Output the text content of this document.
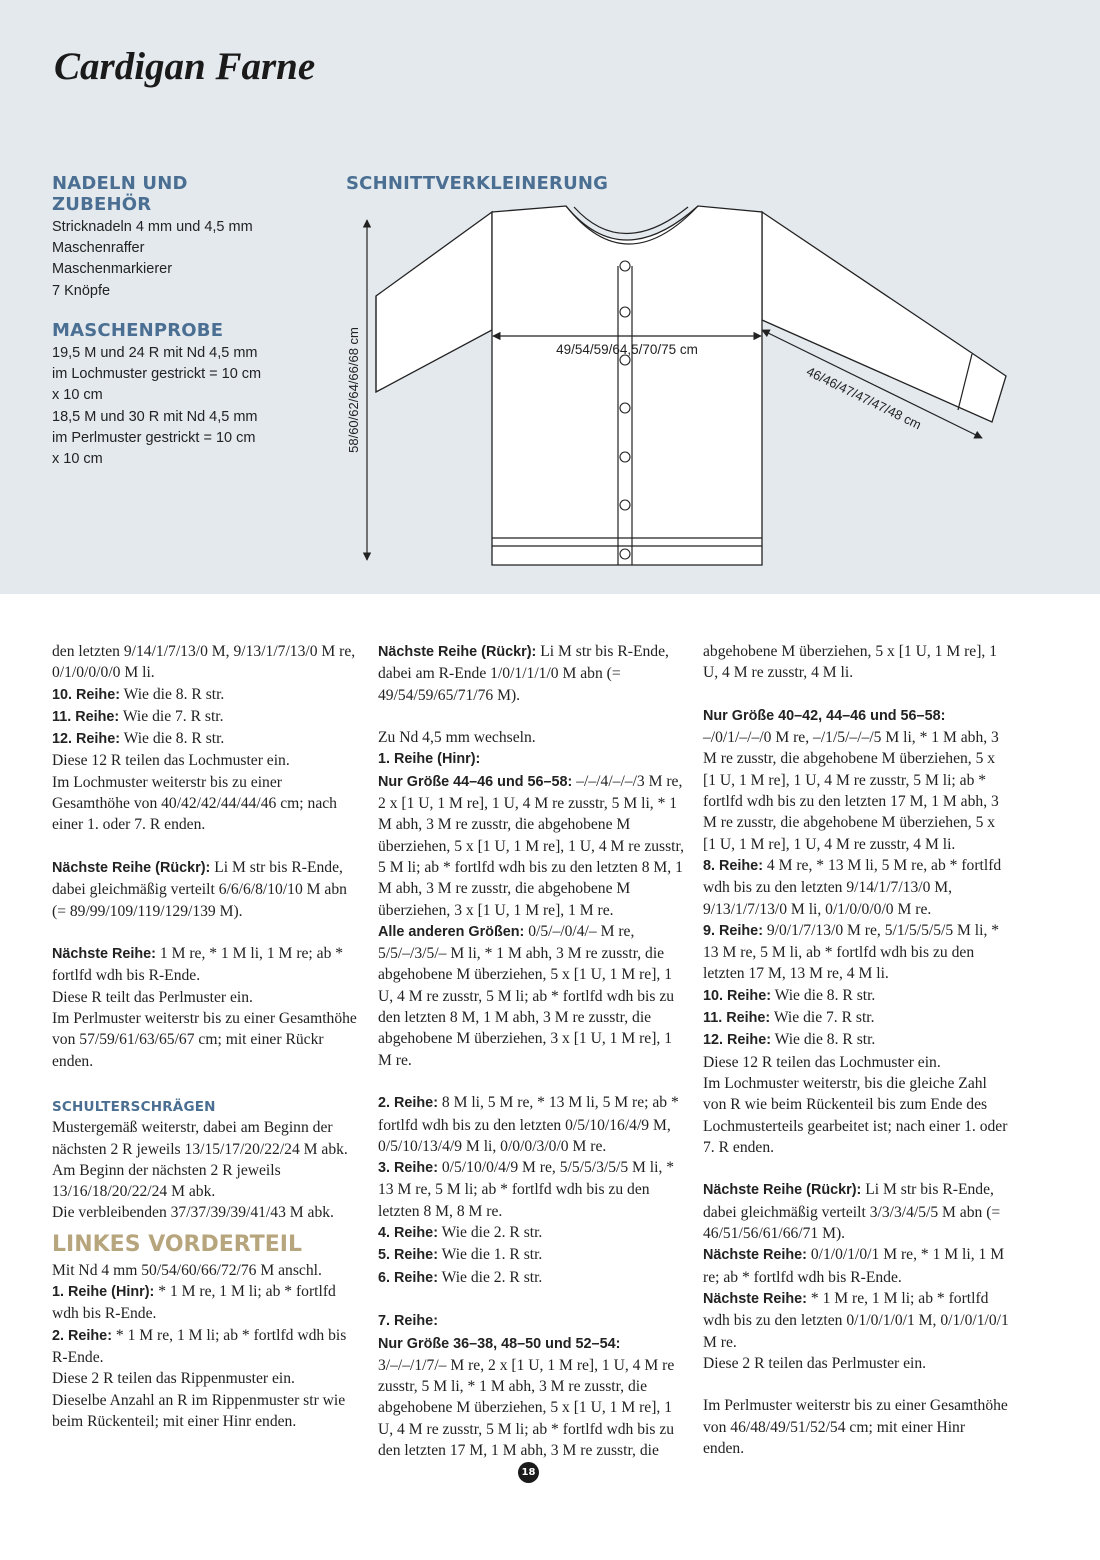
Cardigan Farne
NADELN UND ZUBEHÖR
Stricknadeln 4 mm und 4,5 mm
Maschenraffer
Maschenmarkierer
7 Knöpfe
MASCHENPROBE
19,5 M und 24 R mit Nd 4,5 mm
im Lochmuster gestrickt = 10 cm
x 10 cm
18,5 M und 30 R mit Nd 4,5 mm
im Perlmuster gestrickt = 10 cm
x 10 cm
SCHNITTVERKLEINERUNG
58/60/62/64/66/68 cm	49/54/59/64,5/70/75 cm
46/46/47/47/47/48 cm

den letzten 9/14/1/7/13/0 M, 9/13/1/7/13/0 M re, 0/1/0/0/0/0 M li.

10. Reihe: Wie die 8. R str.

11. Reihe: Wie die 7. R str.

12. Reihe: Wie die 8. R str.

Diese 12 R teilen das Lochmuster ein.

Im Lochmuster weiterstr bis zu einer Gesamthöhe von 40/42/42/44/44/46 cm; nach einer 1. oder 7. R enden.

Nächste Reihe (Rückr): Li M str bis R-Ende, dabei gleichmäßig verteilt 6/6/6/8/10/10 M abn (= 89/99/109/119/129/139 M).

Nächste Reihe: 1 M re, * 1 M li, 1 M re; ab * fortlfd wdh bis R-Ende.

Diese R teilt das Perlmuster ein.

Im Perlmuster weiterstr bis zu einer Gesamthöhe von 57/59/61/63/65/67 cm; mit einer Rückr enden.

SCHULTERSCHRÄGEN

Mustergemäß weiterstr, dabei am Beginn der nächsten 2 R jeweils 13/15/17/20/22/24 M abk.

Am Beginn der nächsten 2 R jeweils 13/16/18/20/22/24 M abk.

Die verbleibenden 37/37/39/39/41/43 M abk.

LINKES VORDERTEIL

Mit Nd 4 mm 50/54/60/66/72/76 M anschl.

1. Reihe (Hinr): * 1 M re, 1 M li; ab * fortlfd wdh bis R-Ende.

2. Reihe: * 1 M re, 1 M li; ab * fortlfd wdh bis R-Ende.

Diese 2 R teilen das Rippenmuster ein.

Dieselbe Anzahl an R im Rippenmuster str wie beim Rückenteil; mit einer Hinr enden.

Nächste Reihe (Rückr): Li M str bis R-Ende, dabei am R-Ende 1/0/1/1/1/0 M abn (= 49/54/59/65/71/76 M).

Zu Nd 4,5 mm wechseln.

1. Reihe (Hinr):

Nur Größe 44–46 und 56–58: –/–/4/–/–/3 M re, 2 x [1 U, 1 M re], 1 U, 4 M re zusstr, 5 M li, * 1 M abh, 3 M re zusstr, die abgehobene M überziehen, 5 x [1 U, 1 M re], 1 U, 4 M re zusstr, 5 M li; ab * fortlfd wdh bis zu den letzten 8 M, 1 M abh, 3 M re zusstr, die abgehobene M überziehen, 3 x [1 U, 1 M re], 1 M re.

Alle anderen Größen: 0/5/–/0/4/– M re, 5/5/–/3/5/– M li, * 1 M abh, 3 M re zusstr, die abgehobene M überziehen, 5 x [1 U, 1 M re], 1 U, 4 M re zusstr, 5 M li; ab * fortlfd wdh bis zu den letzten 8 M, 1 M abh, 3 M re zusstr, die abgehobene M überziehen, 3 x [1 U, 1 M re], 1 M re.

2. Reihe: 8 M li, 5 M re, * 13 M li, 5 M re; ab * fortlfd wdh bis zu den letzten 0/5/10/16/4/9 M, 0/5/10/13/4/9 M li, 0/0/0/3/0/0 M re.

3. Reihe: 0/5/10/0/4/9 M re, 5/5/5/3/5/5 M li, * 13 M re, 5 M li; ab * fortlfd wdh bis zu den letzten 8 M, 8 M re.

4. Reihe: Wie die 2. R str.

5. Reihe: Wie die 1. R str.

6. Reihe: Wie die 2. R str.

7. Reihe:

Nur Größe 36–38, 48–50 und 52–54: 3/–/–/1/7/– M re, 2 x [1 U, 1 M re], 1 U, 4 M re zusstr, 5 M li, * 1 M abh, 3 M re zusstr, die abgehobene M überziehen, 5 x [1 U, 1 M re], 1 U, 4 M re zusstr, 5 M li; ab * fortlfd wdh bis zu den letzten 17 M, 1 M abh, 3 M re zusstr, die

abgehobene M überziehen, 5 x [1 U, 1 M re], 1 U, 4 M re zusstr, 4 M li.

Nur Größe 40–42, 44–46 und 56–58: –/0/1/–/–/0 M re, –/1/5/–/–/5 M li, * 1 M abh, 3 M re zusstr, die abgehobene M überziehen, 5 x [1 U, 1 M re], 1 U, 4 M re zusstr, 5 M li; ab * fortlfd wdh bis zu den letzten 17 M, 1 M abh, 3 M re zusstr, die abgehobene M überziehen, 5 x [1 U, 1 M re], 1 U, 4 M re zusstr, 4 M li.

8. Reihe: 4 M re, * 13 M li, 5 M re, ab * fortlfd wdh bis zu den letzten 9/14/1/7/13/0 M, 9/13/1/7/13/0 M li, 0/1/0/0/0/0 M re.

9. Reihe: 9/0/1/7/13/0 M re, 5/1/5/5/5/5 M li, * 13 M re, 5 M li, ab * fortlfd wdh bis zu den letzten 17 M, 13 M re, 4 M li.

10. Reihe: Wie die 8. R str.

11. Reihe: Wie die 7. R str.

12. Reihe: Wie die 8. R str.

Diese 12 R teilen das Lochmuster ein.

Im Lochmuster weiterstr, bis die gleiche Zahl von R wie beim Rückenteil bis zum Ende des Lochmusterteils gearbeitet ist; nach einer 1. oder 7. R enden.

Nächste Reihe (Rückr): Li M str bis R-Ende, dabei gleichmäßig verteilt 3/3/3/4/5/5 M abn (= 46/51/56/61/66/71 M).

Nächste Reihe: 0/1/0/1/0/1 M re, * 1 M li, 1 M re; ab * fortlfd wdh bis R-Ende.

Nächste Reihe: * 1 M re, 1 M li; ab * fortlfd wdh bis zu den letzten 0/1/0/1/0/1 M, 0/1/0/1/0/1 M re.

Diese 2 R teilen das Perlmuster ein.

Im Perlmuster weiterstr bis zu einer Gesamthöhe von 46/48/49/51/52/54 cm; mit einer Hinr enden.

18
